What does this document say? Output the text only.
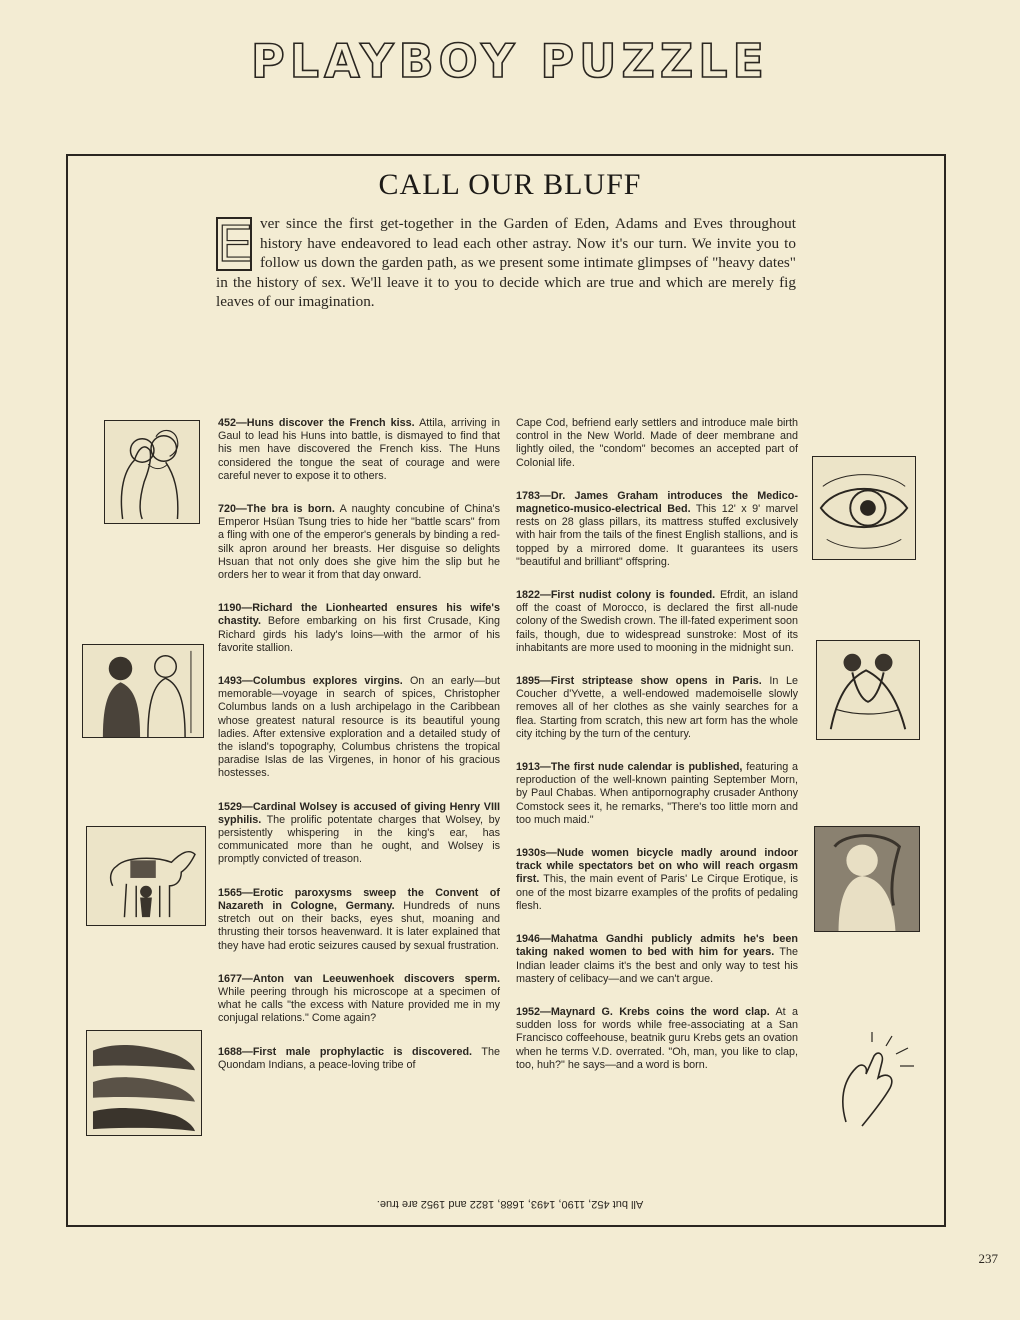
PLAYBOY PUZZLE
CALL OUR BLUFF
E ver since the first get-together in the Garden of Eden, Adams and Eves throughout history have endeavored to lead each other astray. Now it's our turn. We invite you to follow us down the garden path, as we present some intimate glimpses of "heavy dates" in the history of sex. We'll leave it to you to decide which are true and which are merely fig leaves of our imagination.

452—Huns discover the French kiss. Attila, arriving in Gaul to lead his Huns into battle, is dismayed to find that his men have discovered the French kiss. The Huns considered the tongue the seat of courage and were careful never to expose it to others.

720—The bra is born. A naughty concubine of China's Emperor Hsüan Tsung tries to hide her "battle scars" from a fling with one of the emperor's generals by binding a red-silk apron around her breasts. Her disguise so delights Hsuan that not only does she give him the slip but he orders her to wear it from that day onward.

1190—Richard the Lionhearted ensures his wife's chastity. Before embarking on his first Crusade, King Richard girds his lady's loins—with the armor of his favorite stallion.

1493—Columbus explores virgins. On an early—but memorable—voyage in search of spices, Christopher Columbus lands on a lush archipelago in the Caribbean whose greatest natural resource is its beautiful young ladies. After extensive exploration and a detailed study of the island's topography, Columbus christens the tropical paradise Islas de las Virgenes, in honor of his gracious hostesses.

1529—Cardinal Wolsey is accused of giving Henry VIII syphilis. The prolific potentate charges that Wolsey, by persistently whispering in the king's ear, has communicated more than he ought, and Wolsey is promptly convicted of treason.

1565—Erotic paroxysms sweep the Convent of Nazareth in Cologne, Germany. Hundreds of nuns stretch out on their backs, eyes shut, moaning and thrusting their torsos heavenward. It is later explained that they have had erotic seizures caused by sexual frustration.

1677—Anton van Leeuwenhoek discovers sperm. While peering through his microscope at a specimen of what he calls "the excess with Nature provided me in my conjugal relations." Come again?

1688—First male prophylactic is discovered. The Quondam Indians, a peace-loving tribe of

Cape Cod, befriend early settlers and introduce male birth control in the New World. Made of deer membrane and lightly oiled, the "condom" becomes an accepted part of Colonial life.

1783—Dr. James Graham introduces the Medico-magnetico-musico-electrical Bed. This 12' x 9' marvel rests on 28 glass pillars, its mattress stuffed exclusively with hair from the tails of the finest English stallions, and is topped by a mirrored dome. It guarantees its users "beautiful and brilliant" offspring.

1822—First nudist colony is founded. Efrdit, an island off the coast of Morocco, is declared the first all-nude colony of the Swedish crown. The ill-fated experiment soon fails, though, due to widespread sunstroke: Most of its inhabitants are more used to mooning in the midnight sun.

1895—First striptease show opens in Paris. In Le Coucher d'Yvette, a well-endowed mademoiselle slowly removes all of her clothes as she vainly searches for a flea. Starting from scratch, this new art form has the whole city itching by the turn of the century.

1913—The first nude calendar is published, featuring a reproduction of the well-known painting September Morn, by Paul Chabas. When antipornography crusader Anthony Comstock sees it, he remarks, "There's too little morn and too much maid."

1930s—Nude women bicycle madly around indoor track while spectators bet on who will reach orgasm first. This, the main event of Paris' Le Cirque Erotique, is one of the most bizarre examples of the profits of pedaling flesh.

1946—Mahatma Gandhi publicly admits he's been taking naked women to bed with him for years. The Indian leader claims it's the best and only way to test his mastery of celibacy—and we can't argue.

1952—Maynard G. Krebs coins the word clap. At a sudden loss for words while free-associating at a San Francisco coffeehouse, beatnik guru Krebs gets an ovation when he terms V.D. overrated. "Oh, man, you like to clap, too, huh?" he says—and a word is born.

All but 452, 1190, 1493, 1688, 1822 and 1952 are true.
237
